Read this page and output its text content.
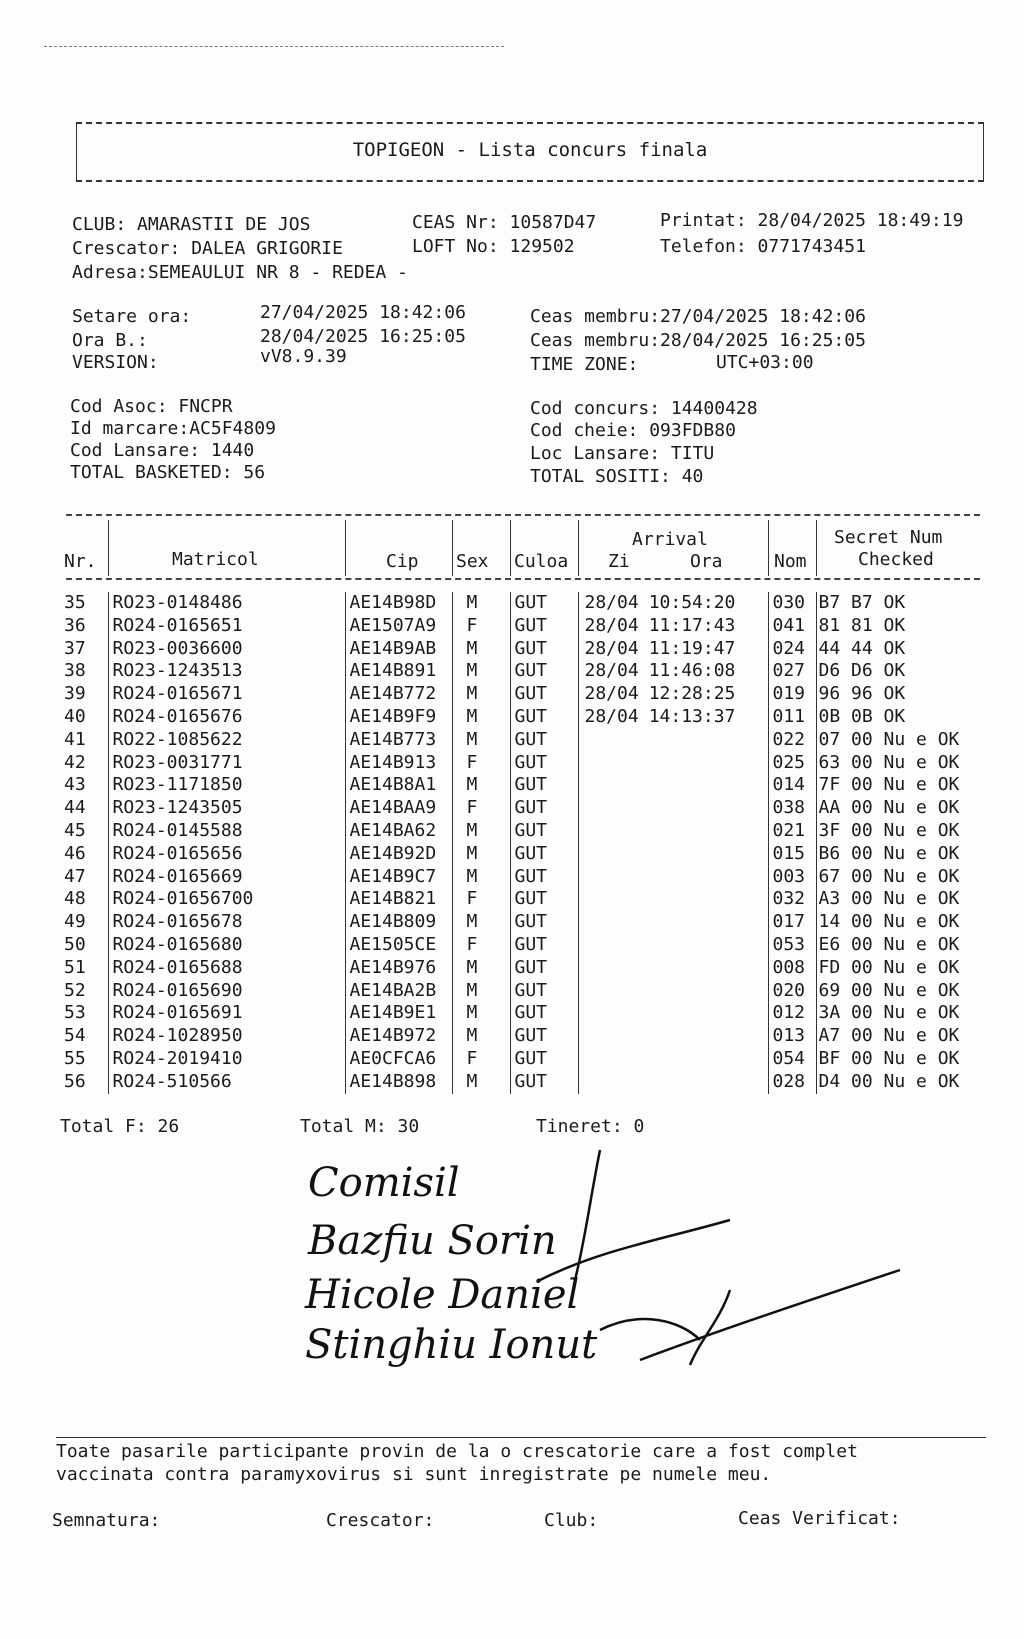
TOPIGEON - Lista concurs finala
CLUB: AMARASTII DE JOS	CEAS Nr: 10587D47	Printat: 28/04/2025 18:49:19
Crescator: DALEA GRIGORIE	LOFT No: 129502	Telefon: 0771743451
Adresa:SEMEAULUI NR 8 - REDEA -
Setare ora:	27/04/2025 18:42:06
Ora B.:	28/04/2025 16:25:05
VERSION:	vV8.9.39
Ceas membru:27/04/2025 18:42:06
Ceas membru:28/04/2025 16:25:05
TIME ZONE:	UTC+03:00
Cod Asoc: FNCPR
Id marcare:AC5F4809
Cod Lansare: 1440
TOTAL BASKETED: 56
Cod concurs: 14400428
Cod cheie: 093FDB80
Loc Lansare: TITU
TOTAL SOSITI: 40
Nr.	Matricol	Cip Sex Culoa
Arrival
Zi	Ora	Nom
Secret Num
Checked
35	RO23-0148486	AE14B98D	M	GUT	28/04 10:54:20	030	B7 B7 OK
36	RO24-0165651	AE1507A9	F	GUT	28/04 11:17:43	041	81 81 OK
37	RO23-0036600	AE14B9AB	M	GUT	28/04 11:19:47	024	44 44 OK
38	RO23-1243513	AE14B891	M	GUT	28/04 11:46:08	027	D6 D6 OK
39	RO24-0165671	AE14B772	M	GUT	28/04 12:28:25	019	96 96 OK
40	RO24-0165676	AE14B9F9	M	GUT	28/04 14:13:37	011	0B 0B OK
41	RO22-1085622	AE14B773	M	GUT		022	07 00 Nu e OK
42	RO23-0031771	AE14B913	F	GUT		025	63 00 Nu e OK
43	RO23-1171850	AE14B8A1	M	GUT		014	7F 00 Nu e OK
44	RO23-1243505	AE14BAA9	F	GUT		038	AA 00 Nu e OK
45	RO24-0145588	AE14BA62	M	GUT		021	3F 00 Nu e OK
46	RO24-0165656	AE14B92D	M	GUT		015	B6 00 Nu e OK
47	RO24-0165669	AE14B9C7	M	GUT		003	67 00 Nu e OK
48	RO24-01656700	AE14B821	F	GUT		032	A3 00 Nu e OK
49	RO24-0165678	AE14B809	M	GUT		017	14 00 Nu e OK
50	RO24-0165680	AE1505CE	F	GUT		053	E6 00 Nu e OK
51	RO24-0165688	AE14B976	M	GUT		008	FD 00 Nu e OK
52	RO24-0165690	AE14BA2B	M	GUT		020	69 00 Nu e OK
53	RO24-0165691	AE14B9E1	M	GUT		012	3A 00 Nu e OK
54	RO24-1028950	AE14B972	M	GUT		013	A7 00 Nu e OK
55	RO24-2019410	AE0CFCA6	F	GUT		054	BF 00 Nu e OK
56	RO24-510566	AE14B898	M	GUT		028	D4 00 Nu e OK
Total F: 26	Total M: 30	Tineret: 0
Comisil
Bazfiu Sorin
Hicole Daniel
Stinghiu Ionut
Toate pasarile participante provin de la o crescatorie care a fost complet
vaccinata contra paramyxovirus si sunt inregistrate pe numele meu.
Semnatura:	Crescator:	Club:	Ceas Verificat:
